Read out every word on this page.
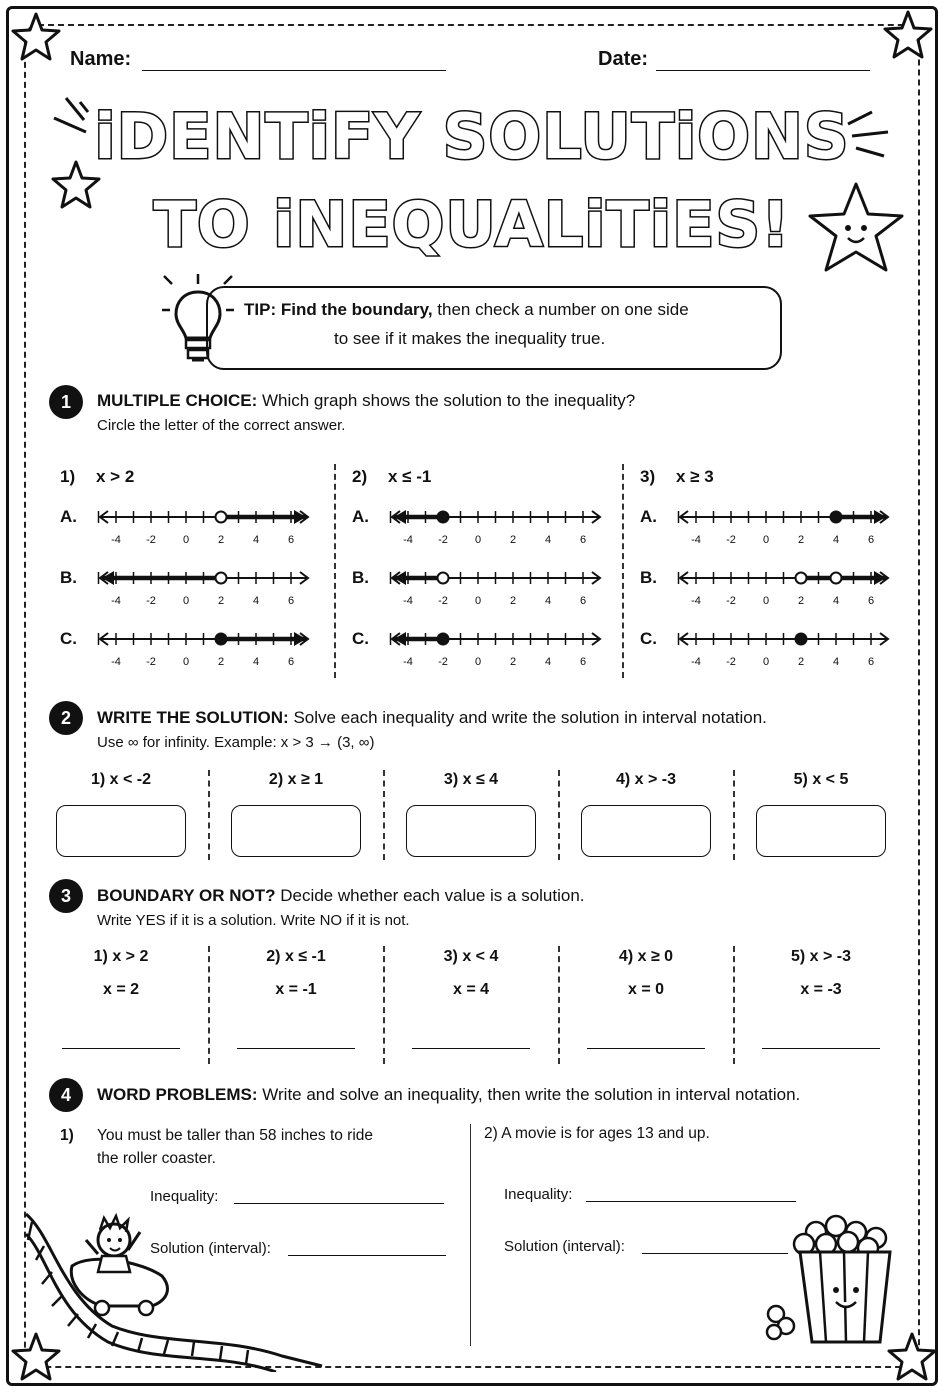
Name:	Date:
iDENTiFY SOLUTiONS
TO iNEQUALiTiES!
TIP: Find the boundary, then check a number on one side
to see if it makes the inequality true.
1	MULTIPLE CHOICE: Which graph shows the solution to the inequality?
Circle the letter of the correct answer.
1) x > 2
A.
-4 -2 0	2	4	6
B.
-4 -2 0	2	4	6
C.
-4 -2 0	2	4	6
2) x ≤ -1
A.
-4 -2 0	2	4	6
B.
-4 -2 0	2	4	6
C.
-4 -2 0	2	4	6
3) x ≥ 3
A.
-4 -2 0	2	4	6
B.
-4 -2 0	2	4	6
C.
-4 -2 0	2	4	6
2	WRITE THE SOLUTION: Solve each inequality and write the solution in interval notation.
Use ∞ for infinity. Example: x > 3 → (3, ∞)
1) x < -2	2) x ≥ 1	3) x ≤ 4	4) x > -3	5) x < 5
3	BOUNDARY OR NOT? Decide whether each value is a solution.
Write YES if it is a solution. Write NO if it is not.
1) x > 2	2) x ≤ -1	3) x < 4	4) x ≥ 0	5) x > -3
x = 2	x = -1	x = 4	x = 0	x = -3
4	WORD PROBLEMS: Write and solve an inequality, then write the solution in interval notation.
1) You must be taller than 58 inches to ride
the roller coaster.
2) A movie is for ages 13 and up.
Inequality:
Solution (interval):
Inequality:
Solution (interval):
